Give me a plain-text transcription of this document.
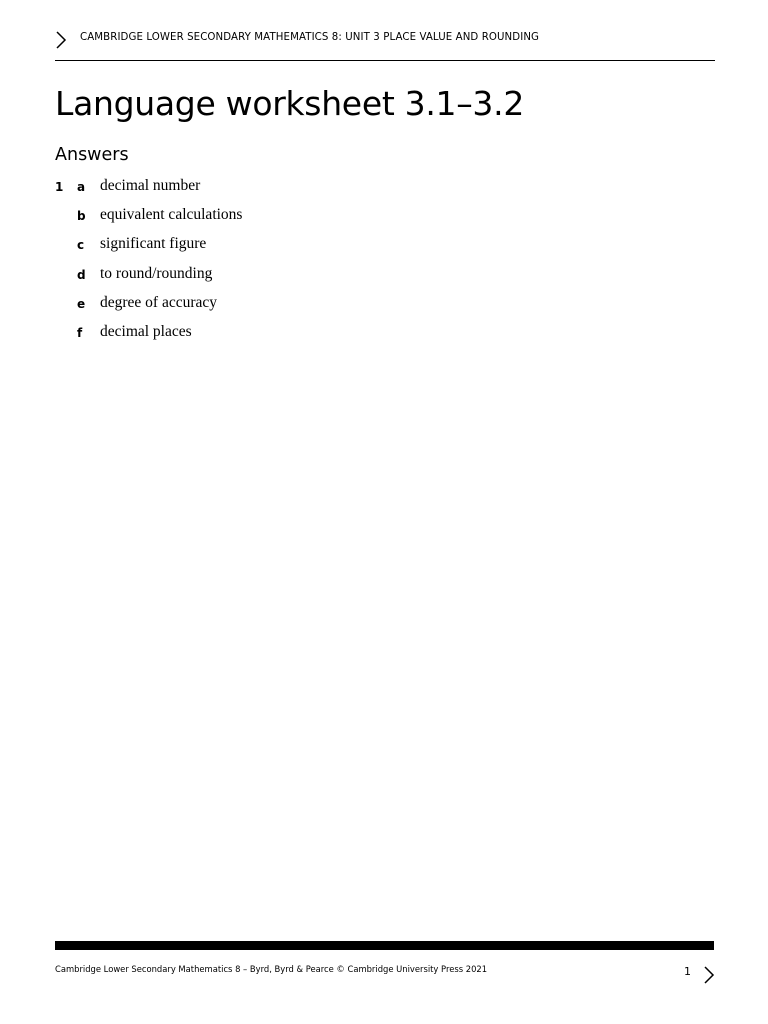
CAMBRIDGE LOWER SECONDARY MATHEMATICS 8: UNIT 3 PLACE VALUE AND ROUNDING
Language worksheet 3.1–3.2
Answers
1 a decimal number
b equivalent calculations
c significant figure
d to round/rounding
e degree of accuracy
f decimal places
Cambridge Lower Secondary Mathematics 8 – Byrd, Byrd & Pearce © Cambridge University Press 2021	1
